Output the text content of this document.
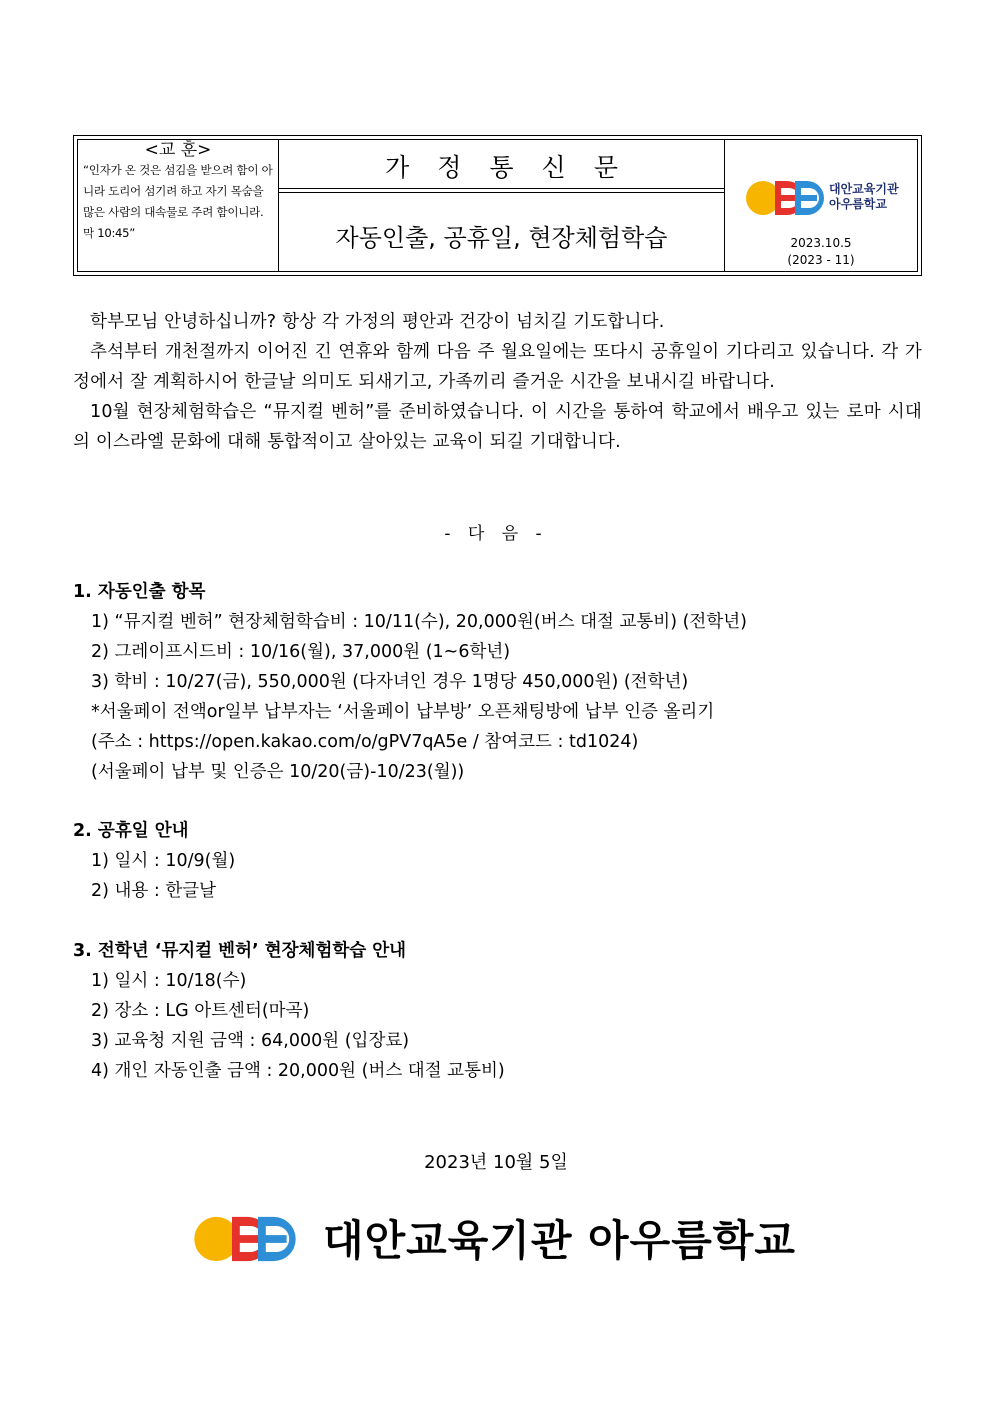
<교 훈>
“인자가 온 것은 섬김을 받으려 함이 아니라 도리어 섬기려 하고 자기 목숨을 많은 사람의 대속물로 주려 함이니라. 막 10:45”
가정통신문
자동인출, 공휴일, 현장체험학습
대안교육기관
아우름학교
2023.10.5
(2023 - 11)

학부모님 안녕하십니까? 항상 각 가정의 평안과 건강이 넘치길 기도합니다.

추석부터 개천절까지 이어진 긴 연휴와 함께 다음 주 월요일에는 또다시 공휴일이 기다리고 있습니다. 각 가정에서 잘 계획하시어 한글날 의미도 되새기고, 가족끼리 즐거운 시간을 보내시길 바랍니다.

10월 현장체험학습은 “뮤지컬 벤허”를 준비하였습니다. 이 시간을 통하여 학교에서 배우고 있는 로마 시대의 이스라엘 문화에 대해 통합적이고 살아있는 교육이 되길 기대합니다.

- 다 음 -
1. 자동인출 항목
1) “뮤지컬 벤허” 현장체험학습비 : 10/11(수), 20,000원(버스 대절 교통비) (전학년)
2) 그레이프시드비 : 10/16(월), 37,000원 (1~6학년)
3) 학비 : 10/27(금), 550,000원 (다자녀인 경우 1명당 450,000원) (전학년)
*서울페이 전액or일부 납부자는 ‘서울페이 납부방’ 오픈채팅방에 납부 인증 올리기
(주소 : https://open.kakao.com/o/gPV7qA5e / 참여코드 : td1024)
(서울페이 납부 및 인증은 10/20(금)-10/23(월))
2. 공휴일 안내
1) 일시 : 10/9(월)
2) 내용 : 한글날
3. 전학년 ‘뮤지컬 벤허’ 현장체험학습 안내
1) 일시 : 10/18(수)
2) 장소 : LG 아트센터(마곡)
3) 교육청 지원 금액 : 64,000원 (입장료)
4) 개인 자동인출 금액 : 20,000원 (버스 대절 교통비)
2023년 10월 5일
대안교육기관 아우름학교
